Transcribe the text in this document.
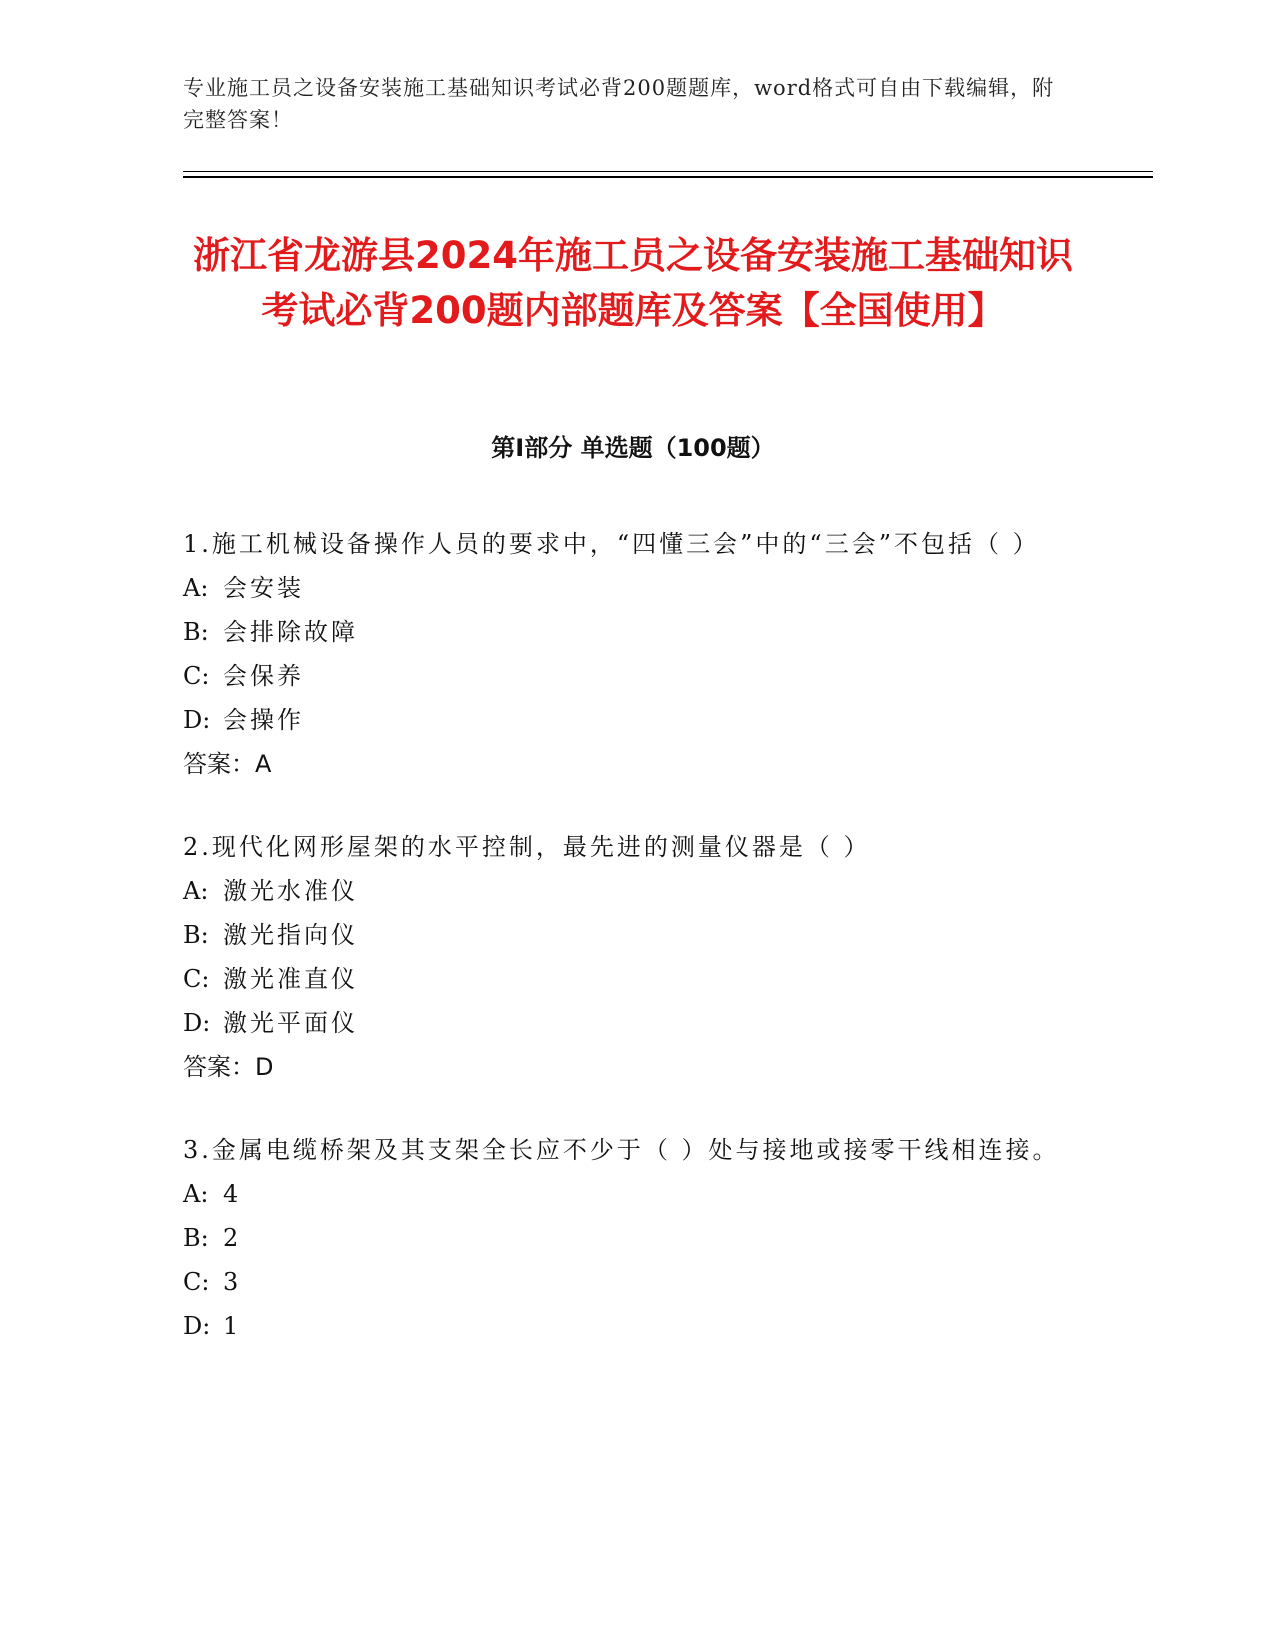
专业施工员之设备安装施工基础知识考试必背200题题库，word格式可自由下载编辑，附完整答案！
浙江省龙游县2024年施工员之设备安装施工基础知识考试必背200题内部题库及答案【全国使用】
第I部分 单选题（100题）
1.施工机械设备操作人员的要求中，“四懂三会”中的“三会”不包括（ ）
A: 会安装
B: 会排除故障
C: 会保养
D: 会操作
答案：A
2.现代化网形屋架的水平控制，最先进的测量仪器是（ ）
A: 激光水准仪
B: 激光指向仪
C: 激光准直仪
D: 激光平面仪
答案：D
3.金属电缆桥架及其支架全长应不少于（ ）处与接地或接零干线相连接。
A: 4
B: 2
C: 3
D: 1
